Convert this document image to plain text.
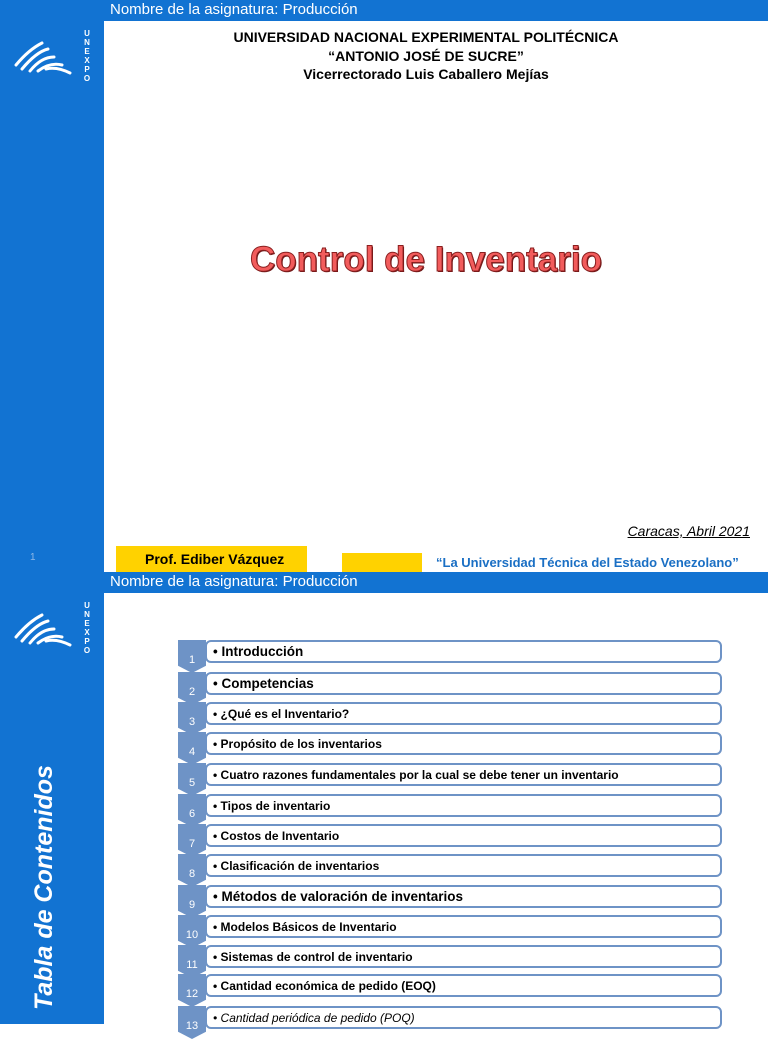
Nombre de la asignatura: Producción
UNEXPO
1
UNIVERSIDAD NACIONAL EXPERIMENTAL POLITÉCNICA
“ANTONIO JOSÉ DE SUCRE”
Vicerrectorado Luis Caballero Mejías
Control de Inventario
Caracas, Abril 2021
Prof. Ediber Vázquez	“La Universidad Técnica del Estado Venezolano”
Nombre de la asignatura: Producción
UNEXPO
Tabla de Contenidos
1
• Introducción
2
• Competencias
3
• ¿Qué es el Inventario?
4
• Propósito de los inventarios
5
• Cuatro razones fundamentales por la cual se debe tener un inventario
6
• Tipos de inventario
7
• Costos de Inventario
8
• Clasificación de inventarios
9
• Métodos de valoración de inventarios
10
• Modelos Básicos de Inventario
11
• Sistemas de control de inventario
12
• Cantidad económica de pedido (EOQ)
13
• Cantidad periódica de pedido (POQ)
